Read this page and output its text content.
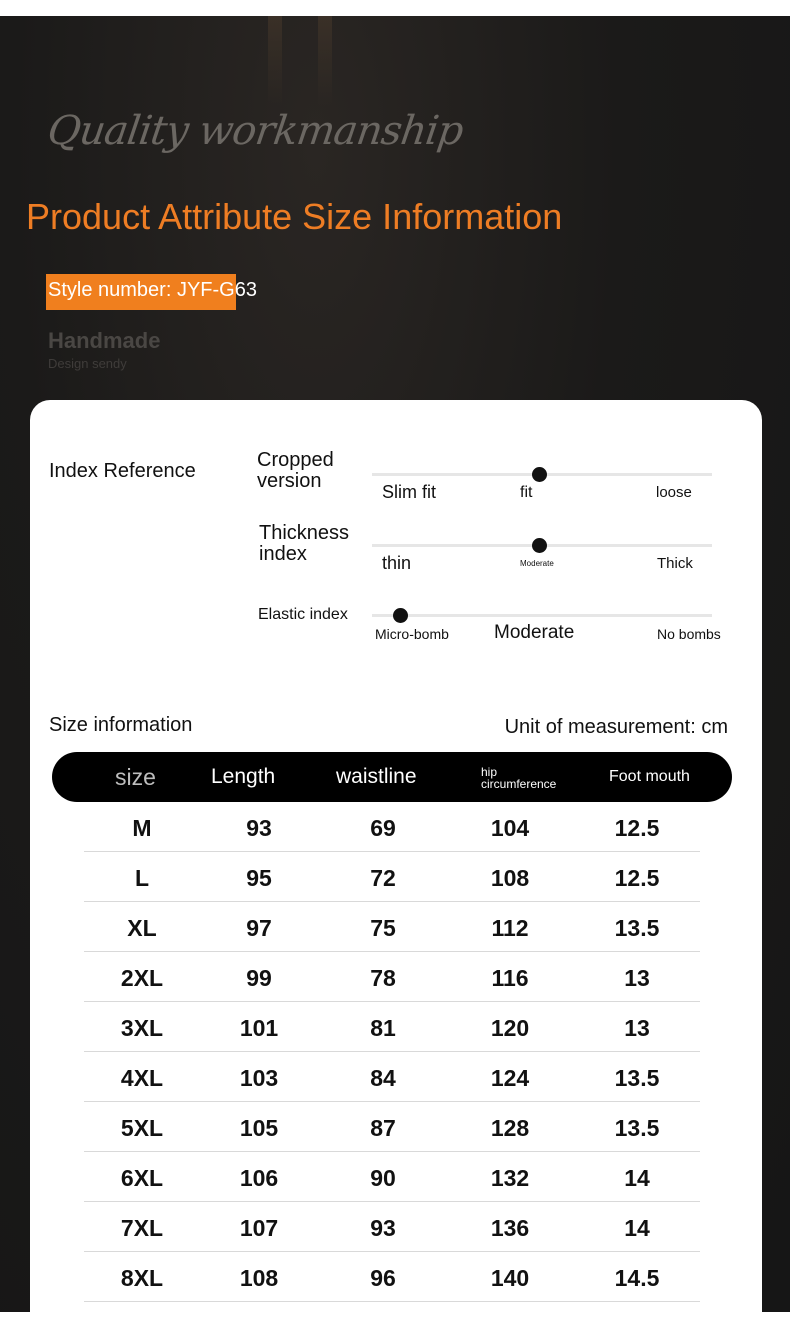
Quality workmanship
Product Attribute Size Information
Style number: JYF-G63
Handmade
Design sendy
Index Reference	Cropped version	Slim fit	fit	loose
Thickness index	thin	Moderate	Thick
Elastic index
Micro-bomb Moderate	No bombs
Size information	Unit of measurement: cm
size	Length	waistline	hip circumference	Foot mouth
M	93	69	104	12.5
L	95	72	108	12.5
XL	97	75	112	13.5
2XL	99	78	116	13
3XL	101	81	120	13
4XL	103	84	124	13.5
5XL	105	87	128	13.5
6XL	106	90	132	14
7XL	107	93	136	14
8XL	108	96	140	14.5
